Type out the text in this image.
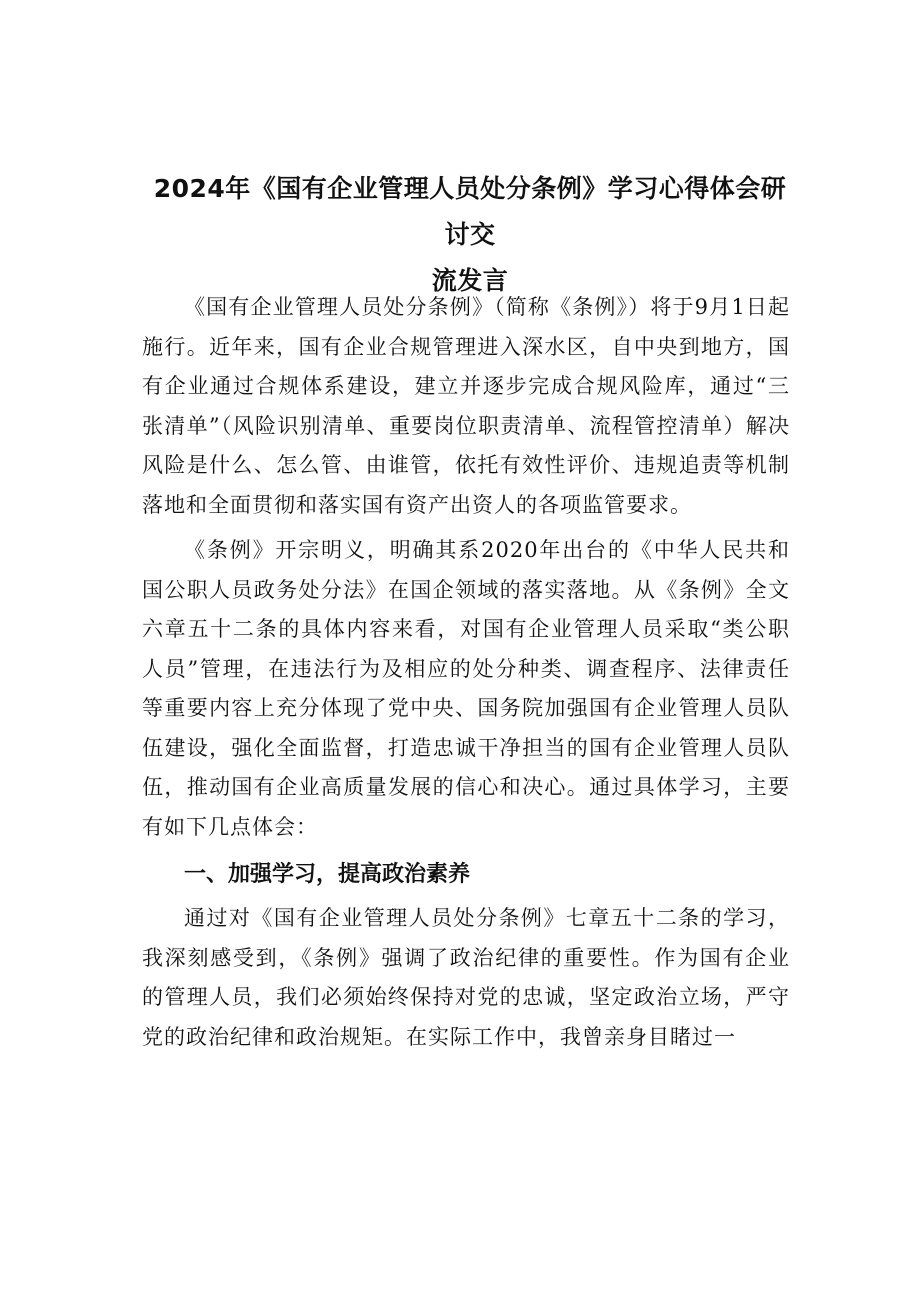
2024年《国有企业管理人员处分条例》学习心得体会研讨交
流发言

《国有企业管理人员处分条例》（简称《条例》）将于9月1日起施行。近年来，国有企业合规管理进入深水区，自中央到地方，国有企业通过合规体系建设，建立并逐步完成合规风险库，通过“三张清单”（风险识别清单、重要岗位职责清单、流程管控清单）解决风险是什么、怎么管、由谁管，依托有效性评价、违规追责等机制落地和全面贯彻和落实国有资产出资人的各项监管要求。

《条例》开宗明义，明确其系2020年出台的《中华人民共和国公职人员政务处分法》在国企领域的落实落地。从《条例》全文六章五十二条的具体内容来看，对国有企业管理人员采取“类公职人员”管理，在违法行为及相应的处分种类、调查程序、法律责任等重要内容上充分体现了党中央、国务院加强国有企业管理人员队伍建设，强化全面监督，打造忠诚干净担当的国有企业管理人员队伍，推动国有企业高质量发展的信心和决心。通过具体学习，主要有如下几点体会：

一、加强学习，提高政治素养

通过对《国有企业管理人员处分条例》七章五十二条的学习，我深刻感受到，《条例》强调了政治纪律的重要性。作为国有企业的管理人员，我们必须始终保持对党的忠诚，坚定政治立场，严守党的政治纪律和政治规矩。在实际工作中，我曾亲身目睹过一
